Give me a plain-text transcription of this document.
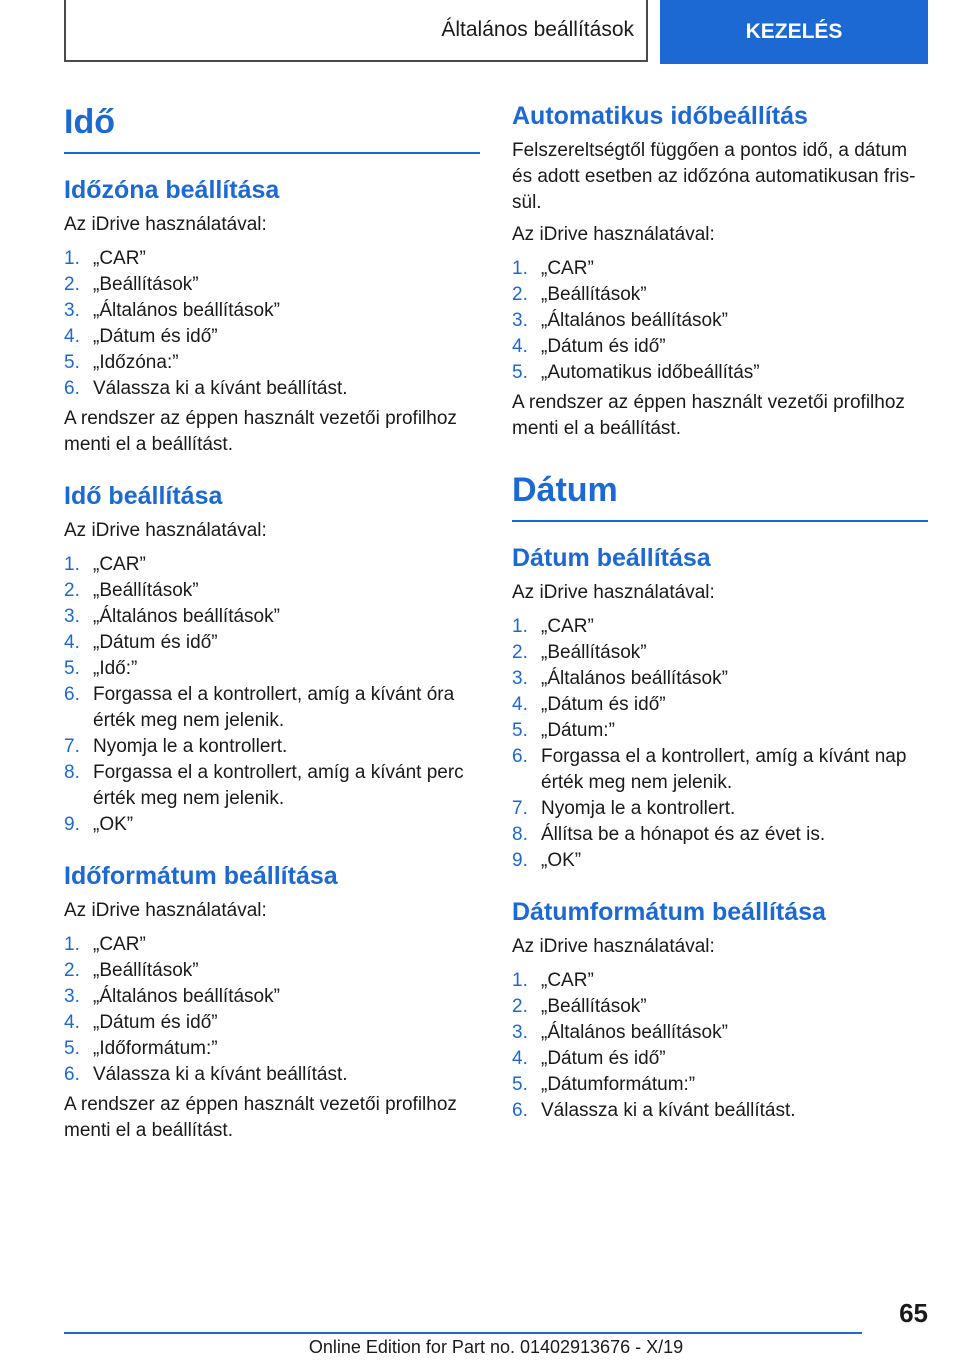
Általános beállítások	KEZELÉS
Idő
Időzóna beállítása

Az iDrive használatával:

1. „CAR”
2. „Beállítások”
3. „Általános beállítások”
4. „Dátum és idő”
5. „Időzóna:”
6. Válassza ki a kívánt beállítást.

A rendszer az éppen használt vezetői profilhoz menti el a beállítást.

Idő beállítása

Az iDrive használatával:

1. „CAR”
2. „Beállítások”
3. „Általános beállítások”
4. „Dátum és idő”
5. „Idő:”
6. Forgassa el a kontrollert, amíg a kívánt óra érték meg nem jelenik.
7. Nyomja le a kontrollert.
8. Forgassa el a kontrollert, amíg a kívánt perc érték meg nem jelenik.
9. „OK”
Időformátum beállítása

Az iDrive használatával:

1. „CAR”
2. „Beállítások”
3. „Általános beállítások”
4. „Dátum és idő”
5. „Időformátum:”
6. Válassza ki a kívánt beállítást.

A rendszer az éppen használt vezetői profilhoz menti el a beállítást.

Automatikus időbeállítás

Felszereltségtől függően a pontos idő, a dátum és adott esetben az időzóna automatikusan frissül.

Az iDrive használatával:

1. „CAR”
2. „Beállítások”
3. „Általános beállítások”
4. „Dátum és idő”
5. „Automatikus időbeállítás”

A rendszer az éppen használt vezetői profilhoz menti el a beállítást.

Dátum
Dátum beállítása

Az iDrive használatával:

1. „CAR”
2. „Beállítások”
3. „Általános beállítások”
4. „Dátum és idő”
5. „Dátum:”
6. Forgassa el a kontrollert, amíg a kívánt nap érték meg nem jelenik.
7. Nyomja le a kontrollert.
8. Állítsa be a hónapot és az évet is.
9. „OK”
Dátumformátum beállítása

Az iDrive használatával:

1. „CAR”
2. „Beállítások”
3. „Általános beállítások”
4. „Dátum és idő”
5. „Dátumformátum:”
6. Válassza ki a kívánt beállítást.
65
Online Edition for Part no. 01402913676 - X/19
